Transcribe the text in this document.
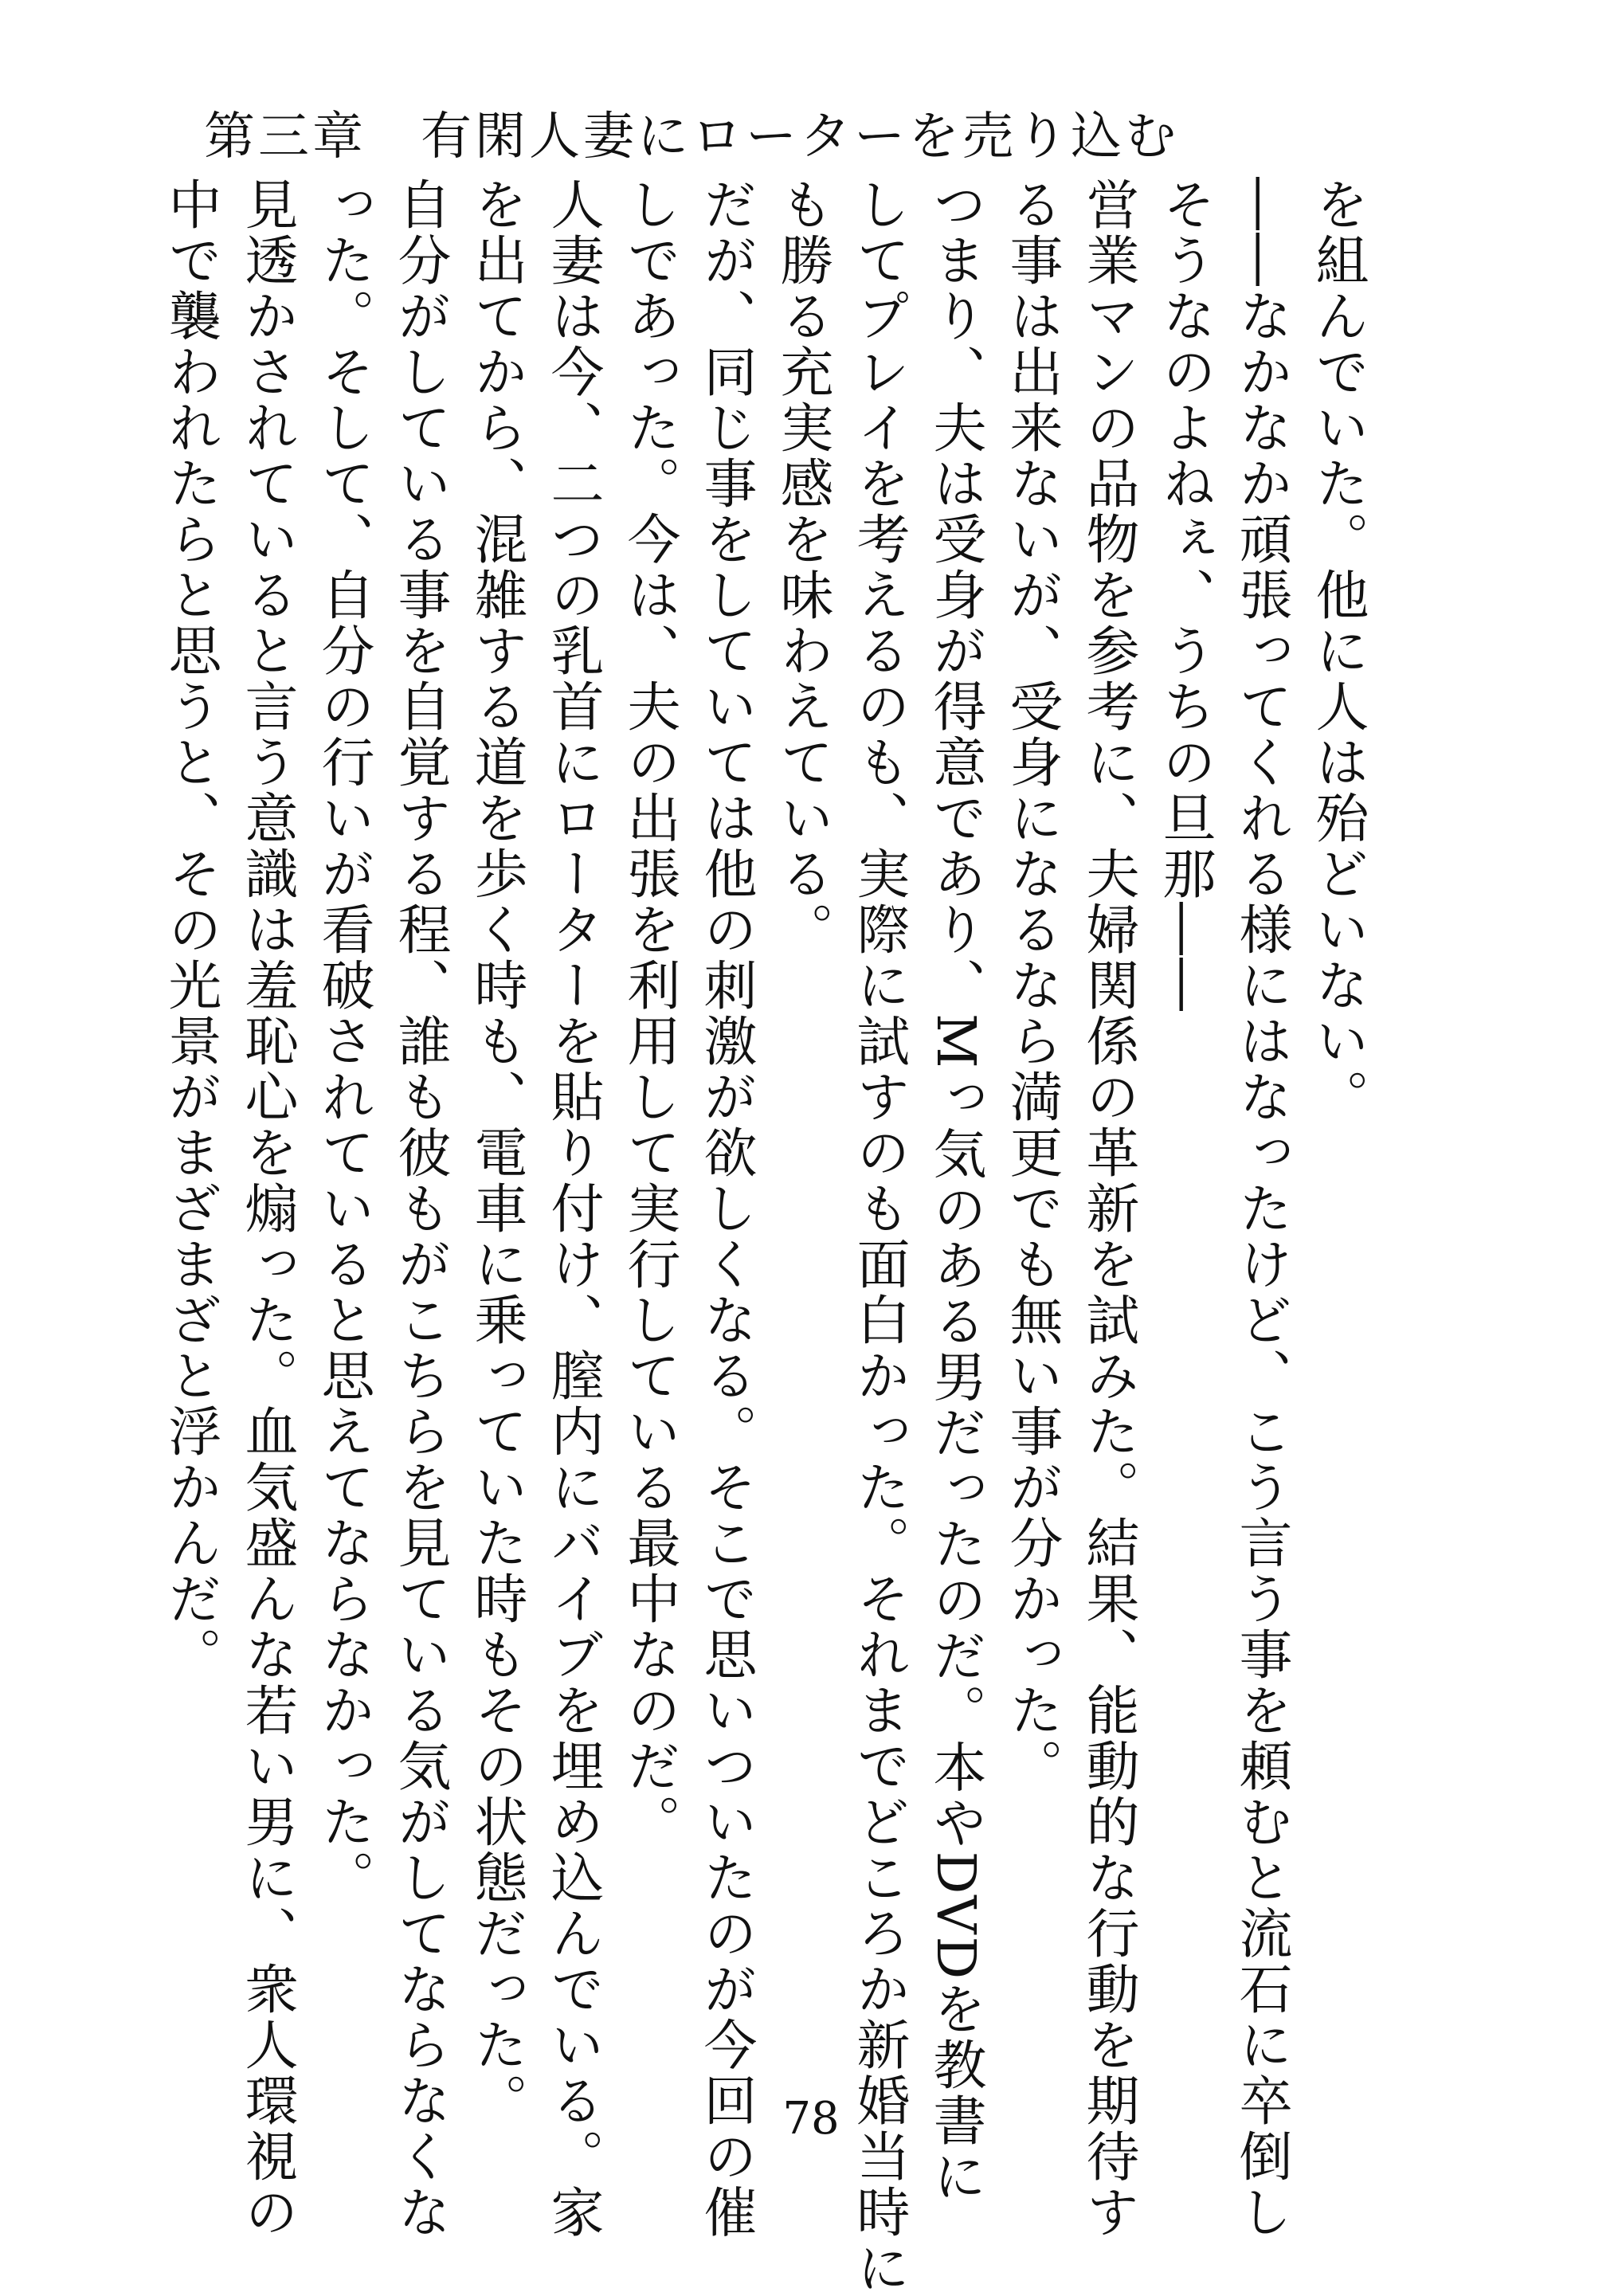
第三章　有閑人妻にローターを売り込む
を組んでいた。他に人は殆どいない。
――なかなか頑張ってくれる様にはなったけど、こう言う事を頼むと流石に卒倒し
そうなのよねぇ、うちの旦那――
営業マンの品物を参考に、夫婦関係の革新を試みた。結果、能動的な行動を期待す
る事は出来ないが、受身になるなら満更でも無い事が分かった。
つまり、夫は受身が得意であり、Mっ気のある男だったのだ。本やDVDを教書に
してプレイを考えるのも、実際に試すのも面白かった。それまでどころか新婚当時に
も勝る充実感を味わえている。
だが、同じ事をしていては他の刺激が欲しくなる。そこで思いついたのが今回の催
しであった。今は、夫の出張を利用して実行している最中なのだ。
人妻は今、二つの乳首にローターを貼り付け、膣内にバイブを埋め込んでいる。家
を出てから、混雑する道を歩く時も、電車に乗っていた時もその状態だった。
自分がしている事を自覚する程、誰も彼もがこちらを見ている気がしてならなくな
った。そして、自分の行いが看破されていると思えてならなかった。
見透かされていると言う意識は羞恥心を煽った。血気盛んな若い男に、衆人環視の
中で襲われたらと思うと、その光景がまざまざと浮かんだ。
78
